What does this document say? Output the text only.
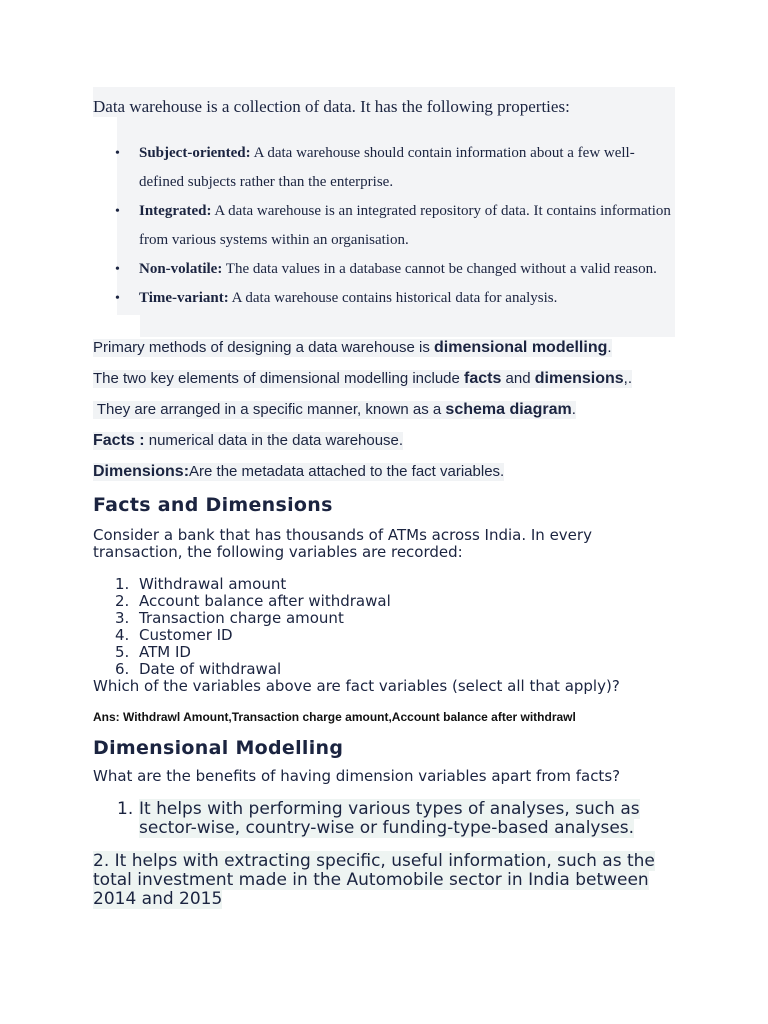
Data warehouse is a collection of data. It has the following properties:
• Subject-oriented: A data warehouse should contain information about a few well-defined subjects rather than the enterprise.
• Integrated: A data warehouse is an integrated repository of data. It contains information from various systems within an organisation.
• Non-volatile: The data values in a database cannot be changed without a valid reason.
• Time-variant: A data warehouse contains historical data for analysis.
Primary methods of designing a data warehouse is dimensional modelling.
The two key elements of dimensional modelling include facts and dimensions,.
They are arranged in a specific manner, known as a schema diagram.
Facts : numerical data in the data warehouse.
Dimensions:Are the metadata attached to the fact variables.
Facts and Dimensions
Consider a bank that has thousands of ATMs across India. In every transaction, the following variables are recorded:
1. Withdrawal amount
2. Account balance after withdrawal
3. Transaction charge amount
4. Customer ID
5. ATM ID
6. Date of withdrawal
Which of the variables above are fact variables (select all that apply)?
Ans: Withdrawl Amount,Transaction charge amount,Account balance after withdrawl
Dimensional Modelling
What are the benefits of having dimension variables apart from facts?
1. It helps with performing various types of analyses, such as sector-wise, country-wise or funding-type-based analyses.
2. It helps with extracting specific, useful information, such as the total investment made in the Automobile sector in India between 2014 and 2015
